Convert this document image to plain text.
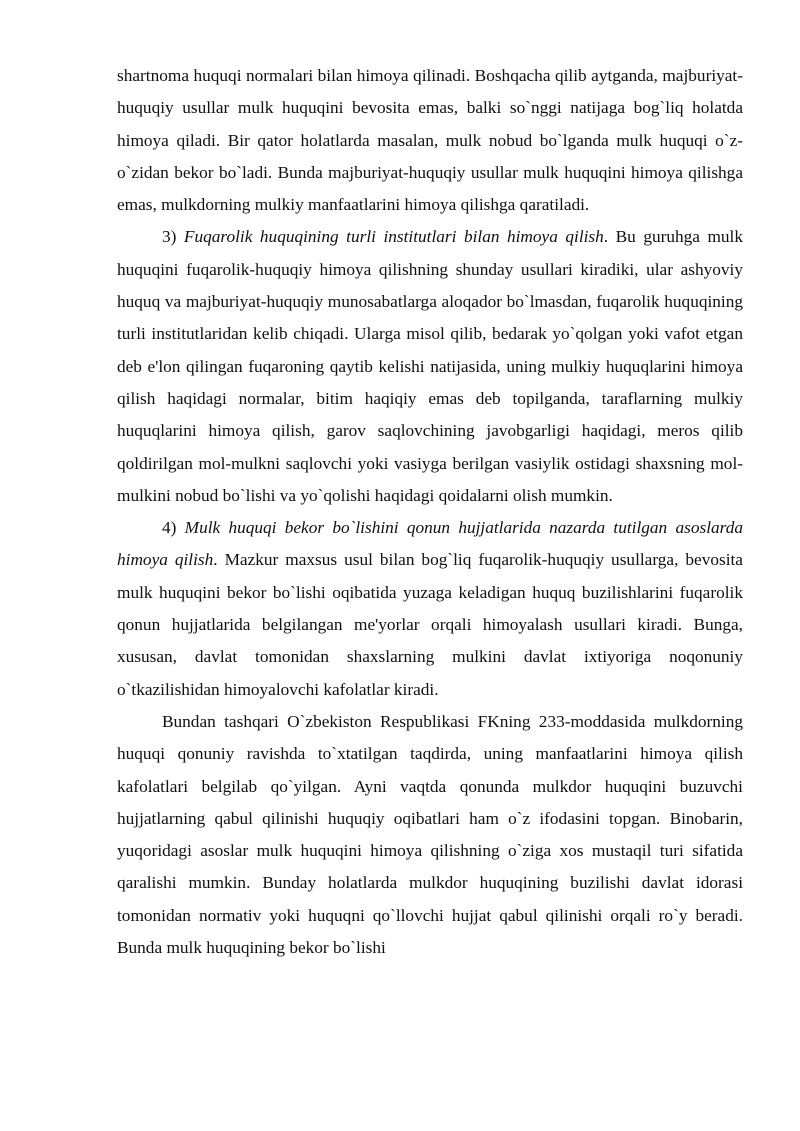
shartnoma huquqi normalari bilan himoya qilinadi. Boshqacha qilib aytganda, majburiyat-huquqiy usullar mulk huquqini bevosita emas, balki so`nggi natijaga bog`liq holatda himoya qiladi. Bir qator holatlarda masalan, mulk nobud bo`lganda mulk huquqi o`z-o`zidan bekor bo`ladi. Bunda majburiyat-huquqiy usullar mulk huquqini himoya qilishga emas, mulkdorning mulkiy manfaatlarini himoya qilishga qaratiladi.

3) Fuqarolik huquqining turli institutlari bilan himoya qilish. Bu guruhga mulk huquqini fuqarolik-huquqiy himoya qilishning shunday usullari kiradiki, ular ashyoviy huquq va majburiyat-huquqiy munosabatlarga aloqador bo`lmasdan, fuqarolik huquqining turli institutlaridan kelib chiqadi. Ularga misol qilib, bedarak yo`qolgan yoki vafot etgan deb e'lon qilingan fuqaroning qaytib kelishi natijasida, uning mulkiy huquqlarini himoya qilish haqidagi normalar, bitim haqiqiy emas deb topilganda, taraflarning mulkiy huquqlarini himoya qilish, garov saqlovchining javobgarligi haqidagi, meros qilib qoldirilgan mol-mulkni saqlovchi yoki vasiyga berilgan vasiylik ostidagi shaxsning mol-mulkini nobud bo`lishi va yo`qolishi haqidagi qoidalarni olish mumkin.

4) Mulk huquqi bekor bo`lishini qonun hujjatlarida nazarda tutilgan asoslarda himoya qilish. Mazkur maxsus usul bilan bog`liq fuqarolik-huquqiy usullarga, bevosita mulk huquqini bekor bo`lishi oqibatida yuzaga keladigan huquq buzilishlarini fuqarolik qonun hujjatlarida belgilangan me'yorlar orqali himoyalash usullari kiradi. Bunga, xususan, davlat tomonidan shaxslarning mulkini davlat ixtiyoriga noqonuniy o`tkazilishidan himoyalovchi kafolatlar kiradi.

Bundan tashqari O`zbekiston Respublikasi FKning 233-moddasida mulkdorning huquqi qonuniy ravishda to`xtatilgan taqdirda, uning manfaatlarini himoya qilish kafolatlari belgilab qo`yilgan. Ayni vaqtda qonunda mulkdor huquqini buzuvchi hujjatlarning qabul qilinishi huquqiy oqibatlari ham o`z ifodasini topgan. Binobarin, yuqoridagi asoslar mulk huquqini himoya qilishning o`ziga xos mustaqil turi sifatida qaralishi mumkin. Bunday holatlarda mulkdor huquqining buzilishi davlat idorasi tomonidan normativ yoki huquqni qo`llovchi hujjat qabul qilinishi orqali ro`y beradi. Bunda mulk huquqining bekor bo`lishi
